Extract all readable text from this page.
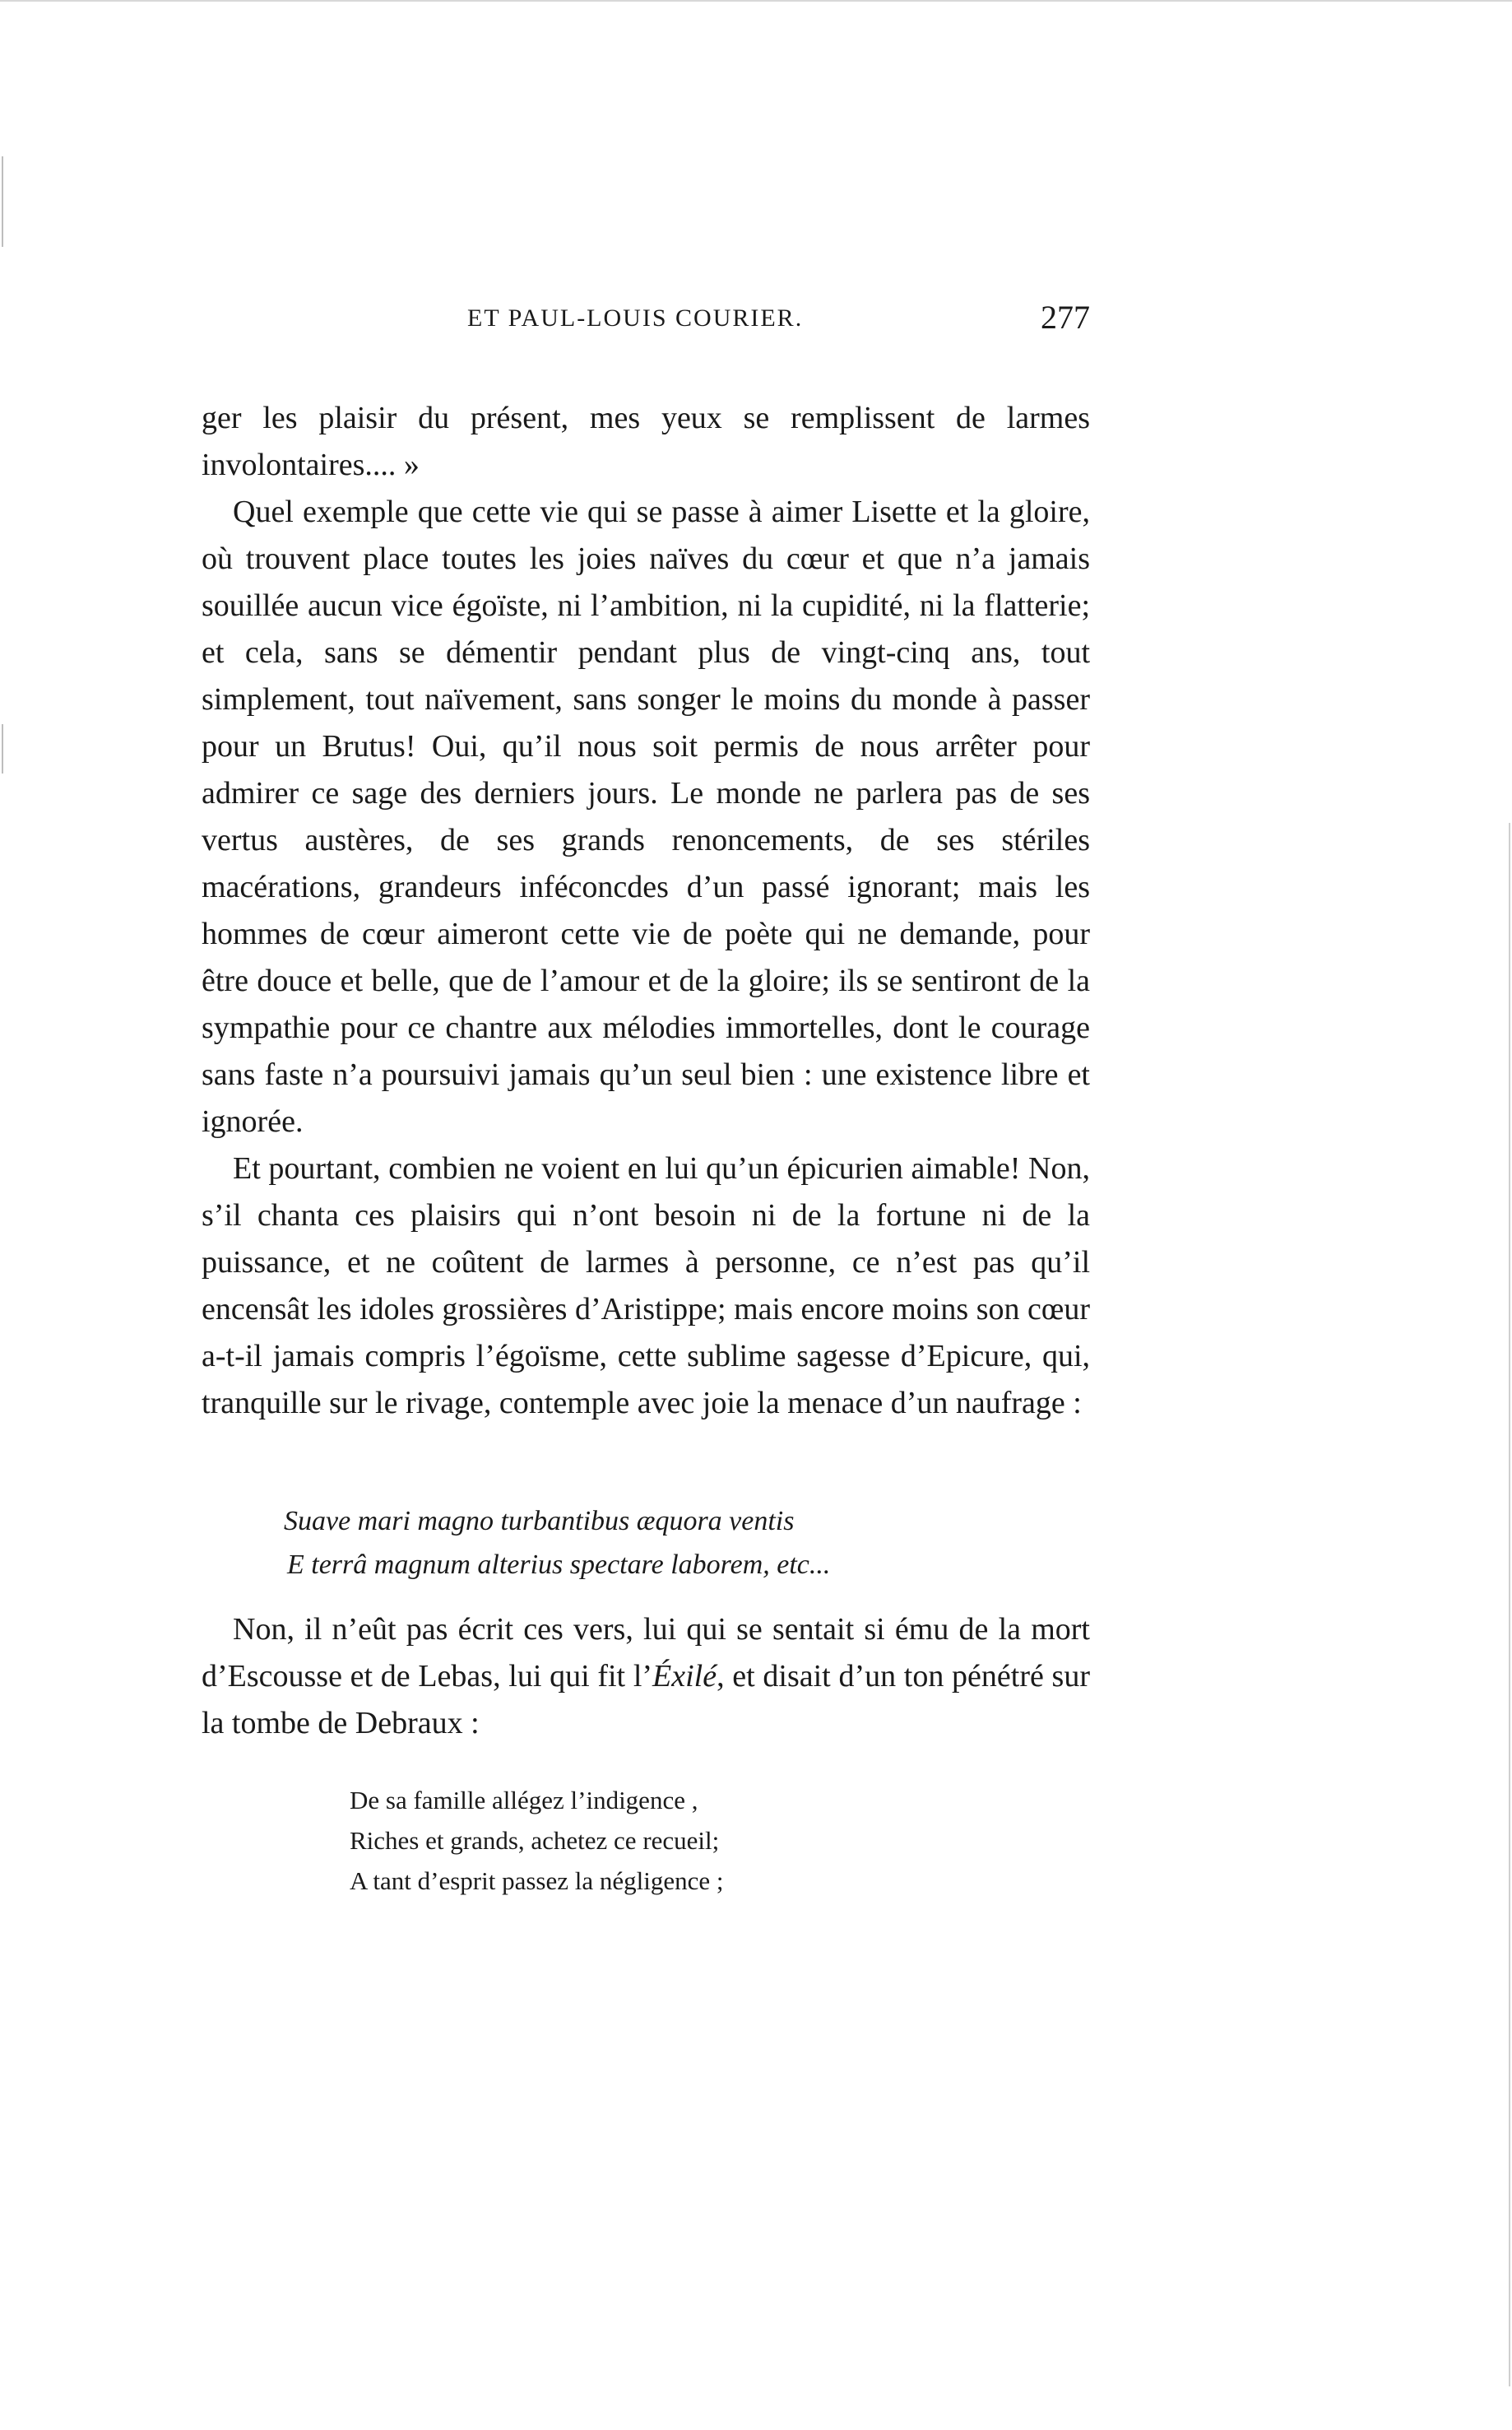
ET PAUL-LOUIS COURIER.	277

ger les plaisir du présent, mes yeux se remplissent de larmes involontaires.... »

Quel exemple que cette vie qui se passe à aimer Lisette et la gloire, où trouvent place toutes les joies naïves du cœur et que n’a jamais souillée aucun vice égoïste, ni l’ambition, ni la cupidité, ni la flatterie; et cela, sans se démentir pendant plus de vingt-cinq ans, tout simplement, tout naïvement, sans songer le moins du monde à passer pour un Brutus! Oui, qu’il nous soit permis de nous arrêter pour admirer ce sage des derniers jours. Le monde ne parlera pas de ses vertus austères, de ses grands renoncements, de ses stériles macérations, grandeurs inféconcdes d’un passé ignorant; mais les hommes de cœur aimeront cette vie de poète qui ne demande, pour être douce et belle, que de l’amour et de la gloire; ils se sentiront de la sympathie pour ce chantre aux mélodies immortelles, dont le courage sans faste n’a poursuivi jamais qu’un seul bien : une existence libre et ignorée.

Et pourtant, combien ne voient en lui qu’un épicurien aimable! Non, s’il chanta ces plaisirs qui n’ont besoin ni de la fortune ni de la puissance, et ne coûtent de larmes à personne, ce n’est pas qu’il encensât les idoles grossières d’Aristippe; mais encore moins son cœur a-t-il jamais compris l’égoïsme, cette sublime sagesse d’Epicure, qui, tranquille sur le rivage, contemple avec joie la menace d’un naufrage :

Suave mari magno turbantibus æquora ventis
E terrâ magnum alterius spectare laborem, etc...

Non, il n’eût pas écrit ces vers, lui qui se sentait si ému de la mort d’Escousse et de Lebas, lui qui fit l’Éxilé, et disait d’un ton pénétré sur la tombe de Debraux :

De sa famille allégez l’indigence ,
Riches et grands, achetez ce recueil;
A tant d’esprit passez la négligence ;
